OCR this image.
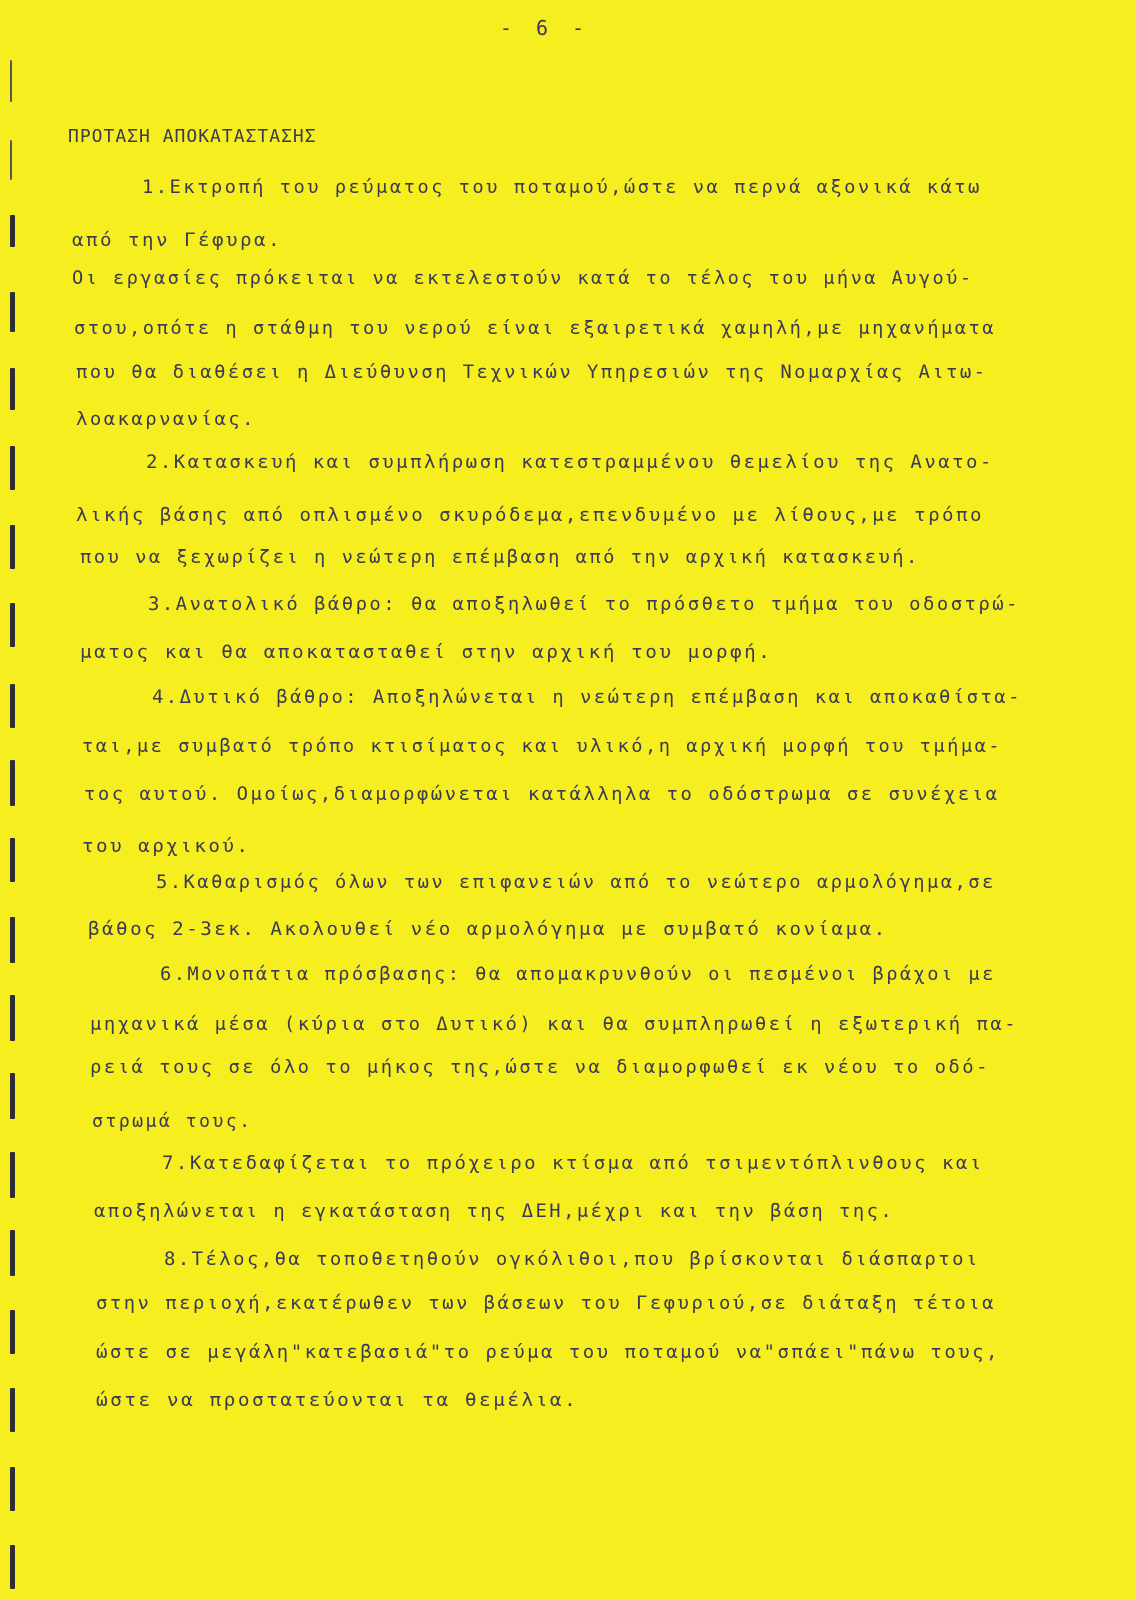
- 6 -
ΠΡΟΤΑΣΗ ΑΠΟΚΑΤΑΣΤΑΣΗΣ
1.Εκτροπή του ρεύματος του ποταμού,ώστε να περνά αξονικά κάτω
από την Γέφυρα.
Οι εργασίες πρόκειται να εκτελεστούν κατά το τέλος του μήνα Αυγού-
στου,οπότε η στάθμη του νερού είναι εξαιρετικά χαμηλή,με μηχανήματα
που θα διαθέσει η Διεύθυνση Τεχνικών Υπηρεσιών της Νομαρχίας Αιτω-
λοακαρνανίας.
2.Κατασκευή και συμπλήρωση κατεστραμμένου θεμελίου της Ανατο-
λικής βάσης από οπλισμένο σκυρόδεμα,επενδυμένο με λίθους,με τρόπο
που να ξεχωρίζει η νεώτερη επέμβαση από την αρχική κατασκευή.
3.Ανατολικό βάθρο: θα αποξηλωθεί το πρόσθετο τμήμα του οδοστρώ-
ματος και θα αποκατασταθεί στην αρχική του μορφή.
4.Δυτικό βάθρο: Αποξηλώνεται η νεώτερη επέμβαση και αποκαθίστα-
ται,με συμβατό τρόπο κτισίματος και υλικό,η αρχική μορφή του τμήμα-
τος αυτού. Ομοίως,διαμορφώνεται κατάλληλα το οδόστρωμα σε συνέχεια
του αρχικού.
5.Καθαρισμός όλων των επιφανειών από το νεώτερο αρμολόγημα,σε
βάθος 2-3εκ. Ακολουθεί νέο αρμολόγημα με συμβατό κονίαμα.
6.Μονοπάτια πρόσβασης: θα απομακρυνθούν οι πεσμένοι βράχοι με
μηχανικά μέσα (κύρια στο Δυτικό) και θα συμπληρωθεί η εξωτερική πα-
ρειά τους σε όλο το μήκος της,ώστε να διαμορφωθεί εκ νέου το οδό-
στρωμά τους.
7.Κατεδαφίζεται το πρόχειρο κτίσμα από τσιμεντόπλινθους και
αποξηλώνεται η εγκατάσταση της ΔΕΗ,μέχρι και την βάση της.
8.Τέλος,θα τοποθετηθούν ογκόλιθοι,που βρίσκονται διάσπαρτοι
στην περιοχή,εκατέρωθεν των βάσεων του Γεφυριού,σε διάταξη τέτοια
ώστε σε μεγάλη"κατεβασιά"το ρεύμα του ποταμού να"σπάει"πάνω τους,
ώστε να προστατεύονται τα θεμέλια.
